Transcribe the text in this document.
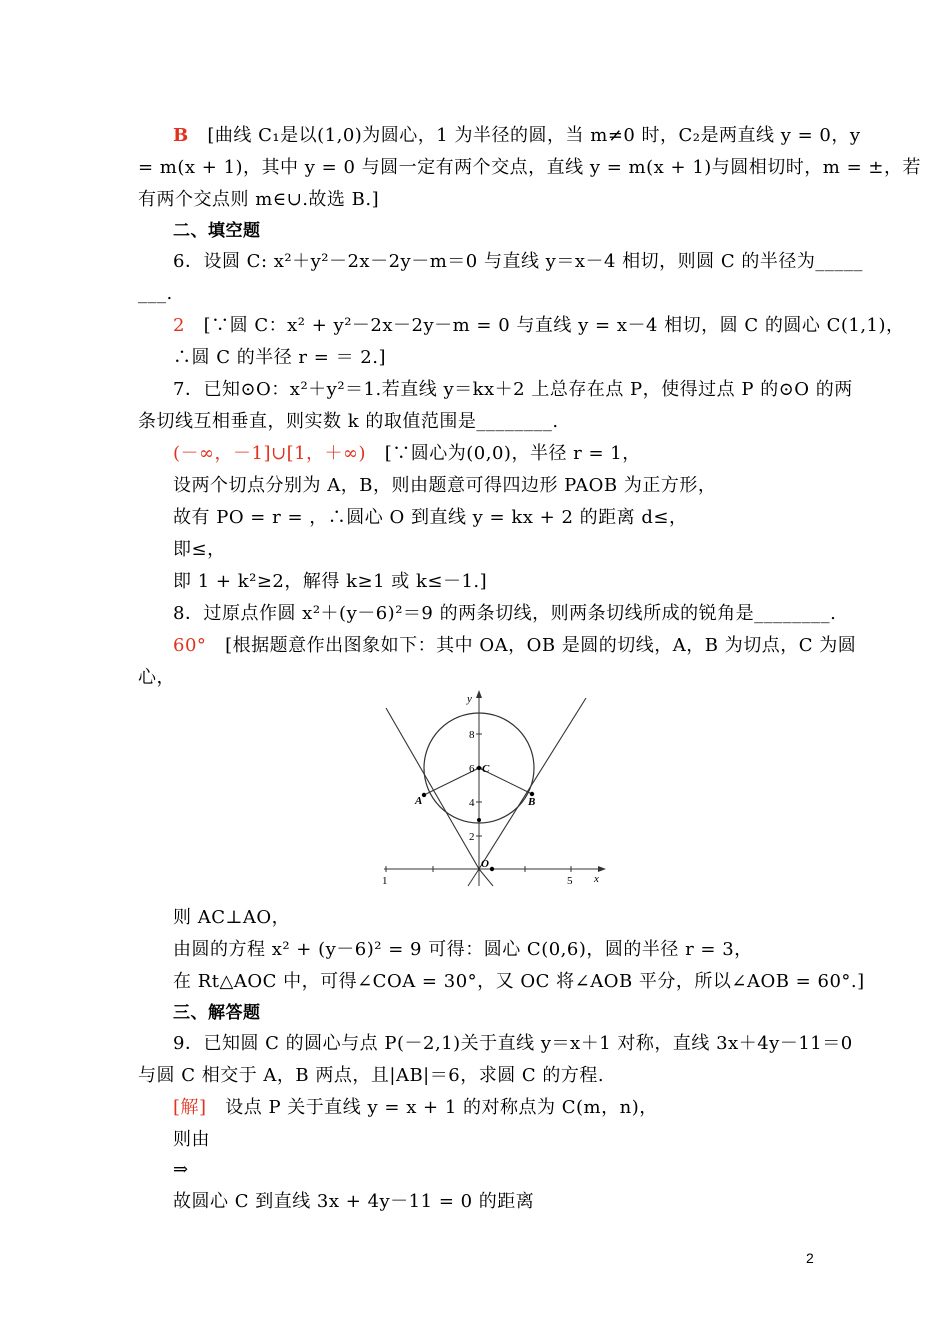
B [曲线 C₁是以(1,0)为圆心，1 为半径的圆，当 m≠0 时，C₂是两直线 y = 0，y
= m(x + 1)，其中 y = 0 与圆一定有两个交点，直线 y = m(x + 1)与圆相切时，m = ±，若
有两个交点则 m∈∪.故选 B.]
二、填空题
6．设圆 C: x²＋y²－2x－2y－m＝0 与直线 y＝x－4 相切，则圆 C 的半径为_____
___.
2 [∵圆 C：x² + y²－2x－2y－m = 0 与直线 y = x－4 相切，圆 C 的圆心 C(1,1)，
∴圆 C 的半径 r = ＝ 2.]
7．已知⊙O：x²＋y²＝1.若直线 y＝kx＋2 上总存在点 P，使得过点 P 的⊙O 的两
条切线互相垂直，则实数 k 的取值范围是________.
(－∞，－1]∪[1，＋∞) [∵圆心为(0,0)，半径 r = 1，
设两个切点分别为 A，B，则由题意可得四边形 PAOB 为正方形，
故有 PO = r = ，∴圆心 O 到直线 y = kx + 2 的距离 d≤，
即≤，
即 1 + k²≥2，解得 k≥1 或 k≤－1.]
8．过原点作圆 x²＋(y－6)²＝9 的两条切线，则两条切线所成的锐角是________.
60° [根据题意作出图象如下：其中 OA，OB 是圆的切线，A，B 为切点，C 为圆
心，
y
x
8
6
4
2
1	5
A	B
C
O
则 AC⊥AO，
由圆的方程 x² + (y－6)² = 9 可得：圆心 C(0,6)，圆的半径 r = 3，
在 Rt△AOC 中，可得∠COA = 30°，又 OC 将∠AOB 平分，所以∠AOB = 60°.]
三、解答题
9．已知圆 C 的圆心与点 P(－2,1)关于直线 y＝x＋1 对称，直线 3x＋4y－11＝0
与圆 C 相交于 A，B 两点，且|AB|＝6，求圆 C 的方程.
[解] 设点 P 关于直线 y = x + 1 的对称点为 C(m，n)，
则由
⇒
故圆心 C 到直线 3x + 4y－11 = 0 的距离
2
